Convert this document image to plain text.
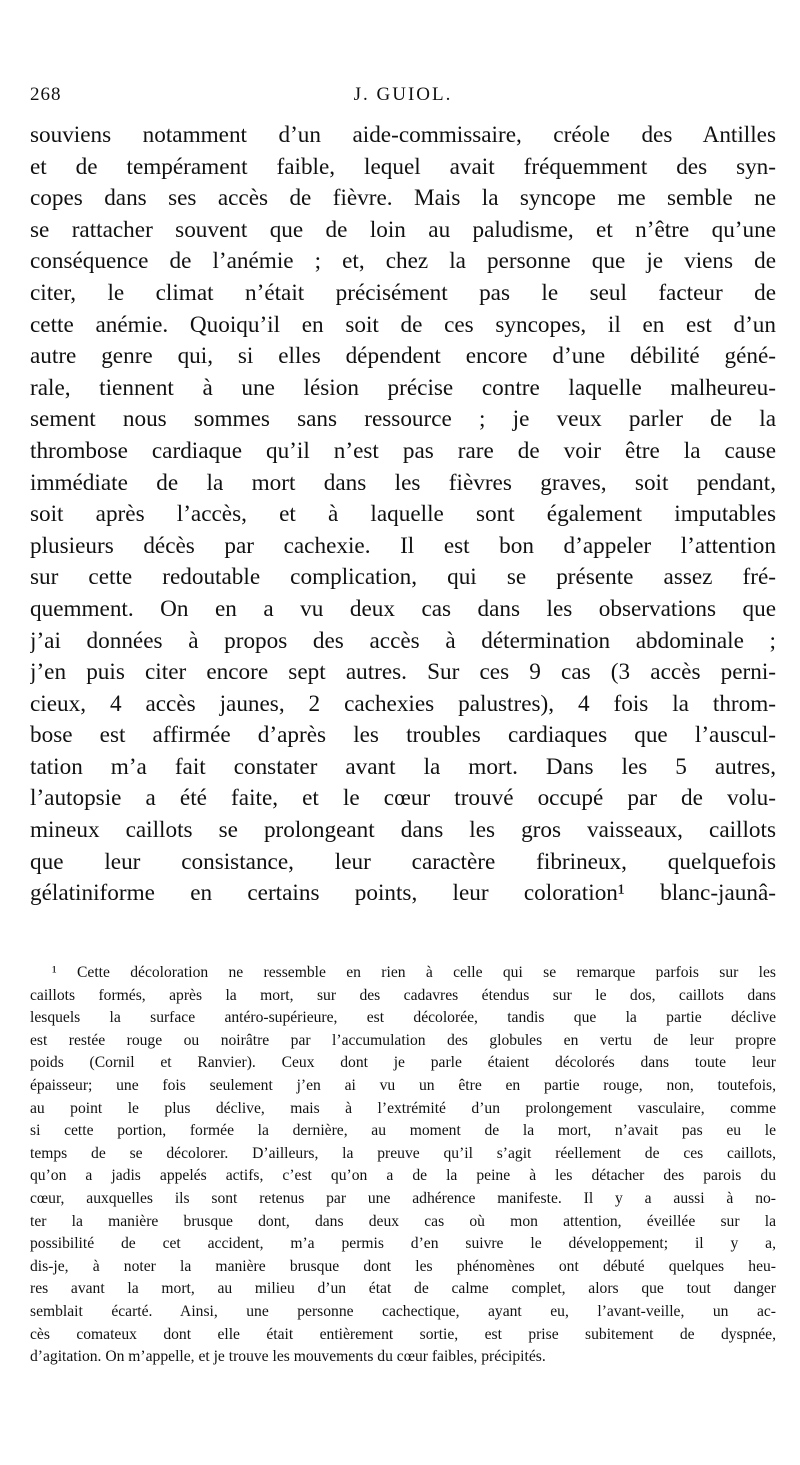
268	J. GUIOL.
souviens notamment d’un aide-commissaire, créole des Antilles
et de tempérament faible, lequel avait fréquemment des syn-
copes dans ses accès de fièvre. Mais la syncope me semble ne
se rattacher souvent que de loin au paludisme, et n’être qu’une
conséquence de l’anémie ; et, chez la personne que je viens de
citer, le climat n’était précisément pas le seul facteur de
cette anémie. Quoiqu’il en soit de ces syncopes, il en est d’un
autre genre qui, si elles dépendent encore d’une débilité géné-
rale, tiennent à une lésion précise contre laquelle malheureu-
sement nous sommes sans ressource ; je veux parler de la
thrombose cardiaque qu’il n’est pas rare de voir être la cause
immédiate de la mort dans les fièvres graves, soit pendant,
soit après l’accès, et à laquelle sont également imputables
plusieurs décès par cachexie. Il est bon d’appeler l’attention
sur cette redoutable complication, qui se présente assez fré-
quemment. On en a vu deux cas dans les observations que
j’ai données à propos des accès à détermination abdominale ;
j’en puis citer encore sept autres. Sur ces 9 cas (3 accès perni-
cieux, 4 accès jaunes, 2 cachexies palustres), 4 fois la throm-
bose est affirmée d’après les troubles cardiaques que l’auscul-
tation m’a fait constater avant la mort. Dans les 5 autres,
l’autopsie a été faite, et le cœur trouvé occupé par de volu-
mineux caillots se prolongeant dans les gros vaisseaux, caillots
que leur consistance, leur caractère fibrineux, quelquefois
gélatiniforme en certains points, leur coloration¹ blanc-jaunâ-
¹ Cette décoloration ne ressemble en rien à celle qui se remarque parfois sur les
caillots formés, après la mort, sur des cadavres étendus sur le dos, caillots dans
lesquels la surface antéro-supérieure, est décolorée, tandis que la partie déclive
est restée rouge ou noirâtre par l’accumulation des globules en vertu de leur propre
poids (Cornil et Ranvier). Ceux dont je parle étaient décolorés dans toute leur
épaisseur; une fois seulement j’en ai vu un être en partie rouge, non, toutefois,
au point le plus déclive, mais à l’extrémité d’un prolongement vasculaire, comme
si cette portion, formée la dernière, au moment de la mort, n’avait pas eu le
temps de se décolorer. D’ailleurs, la preuve qu’il s’agit réellement de ces caillots,
qu’on a jadis appelés actifs, c’est qu’on a de la peine à les détacher des parois du
cœur, auxquelles ils sont retenus par une adhérence manifeste. Il y a aussi à no-
ter la manière brusque dont, dans deux cas où mon attention, éveillée sur la
possibilité de cet accident, m’a permis d’en suivre le développement; il y a,
dis-je, à noter la manière brusque dont les phénomènes ont débuté quelques heu-
res avant la mort, au milieu d’un état de calme complet, alors que tout danger
semblait écarté. Ainsi, une personne cachectique, ayant eu, l’avant-veille, un ac-
cès comateux dont elle était entièrement sortie, est prise subitement de dyspnée,
d’agitation. On m’appelle, et je trouve les mouvements du cœur faibles, précipités.
